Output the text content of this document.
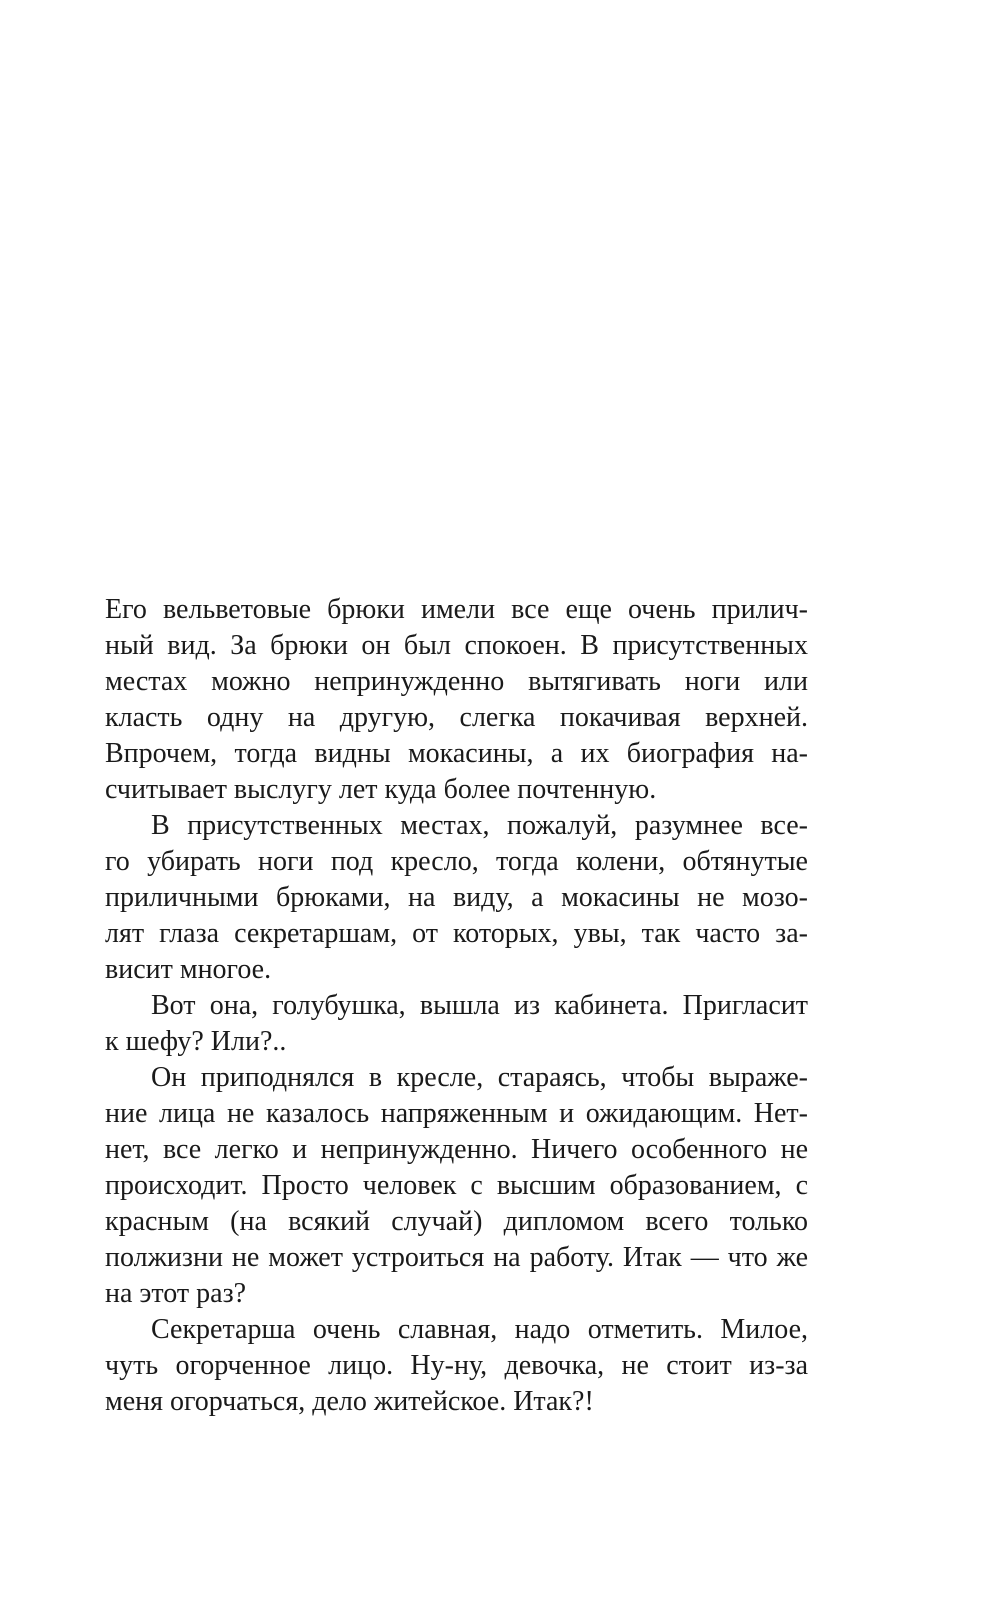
Его вельветовые брюки имели все еще очень прилич-
ный вид. За брюки он был спокоен. В присутственных
местах можно непринужденно вытягивать ноги или
класть одну на другую, слегка покачивая верхней.
Впрочем, тогда видны мокасины, а их биография на-
считывает выслугу лет куда более почтенную.
В присутственных местах, пожалуй, разумнее все-
го убирать ноги под кресло, тогда колени, обтянутые
приличными брюками, на виду, а мокасины не мозо-
лят глаза секретаршам, от которых, увы, так часто за-
висит многое.
Вот она, голубушка, вышла из кабинета. Пригласит
к шефу? Или?..
Он приподнялся в кресле, стараясь, чтобы выраже-
ние лица не казалось напряженным и ожидающим. Нет-
нет, все легко и непринужденно. Ничего особенного не
происходит. Просто человек с высшим образованием, с
красным (на всякий случай) дипломом всего только
полжизни не может устроиться на работу. Итак — что же
на этот раз?
Секретарша очень славная, надо отметить. Милое,
чуть огорченное лицо. Ну-ну, девочка, не стоит из-за
меня огорчаться, дело житейское. Итак?!
